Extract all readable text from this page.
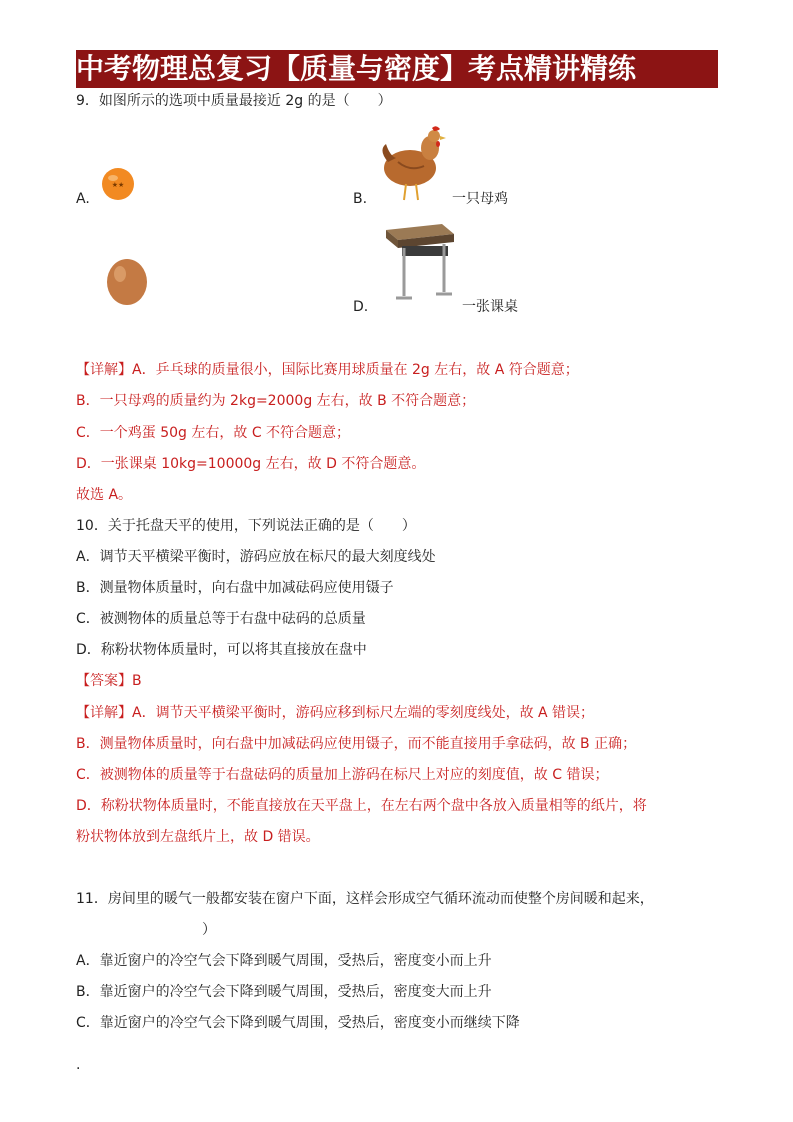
中考物理总复习【质量与密度】考点精讲精练
9．如图所示的选项中质量最接近 2g 的是（　　）
A.
★★
B.	一只母鸡
D.	一张课桌
【详解】A．乒乓球的质量很小，国际比赛用球质量在 2g 左右，故 A 符合题意；
B．一只母鸡的质量约为 2kg=2000g 左右，故 B 不符合题意；
C．一个鸡蛋 50g 左右，故 C 不符合题意；
D．一张课桌 10kg=10000g 左右，故 D 不符合题意。
故选 A。
10．关于托盘天平的使用，下列说法正确的是（　　）
A．调节天平横梁平衡时，游码应放在标尺的最大刻度线处
B．测量物体质量时，向右盘中加减砝码应使用镊子
C．被测物体的质量总等于右盘中砝码的总质量
D．称粉状物体质量时，可以将其直接放在盘中
【答案】B
【详解】A．调节天平横梁平衡时，游码应移到标尺左端的零刻度线处，故 A 错误；
B．测量物体质量时，向右盘中加减砝码应使用镊子，而不能直接用手拿砝码，故 B 正确；
C．被测物体的质量等于右盘砝码的质量加上游码在标尺上对应的刻度值，故 C 错误；
D．称粉状物体质量时，不能直接放在天平盘上，在左右两个盘中各放入质量相等的纸片，将
粉状物体放到左盘纸片上，故 D 错误。
11．房间里的暖气一般都安装在窗户下面，这样会形成空气循环流动而使整个房间暖和起来，
　　　　　　　　　）
A．靠近窗户的冷空气会下降到暖气周围，受热后，密度变小而上升
B．靠近窗户的冷空气会下降到暖气周围，受热后，密度变大而上升
C．靠近窗户的冷空气会下降到暖气周围，受热后，密度变小而继续下降
.
